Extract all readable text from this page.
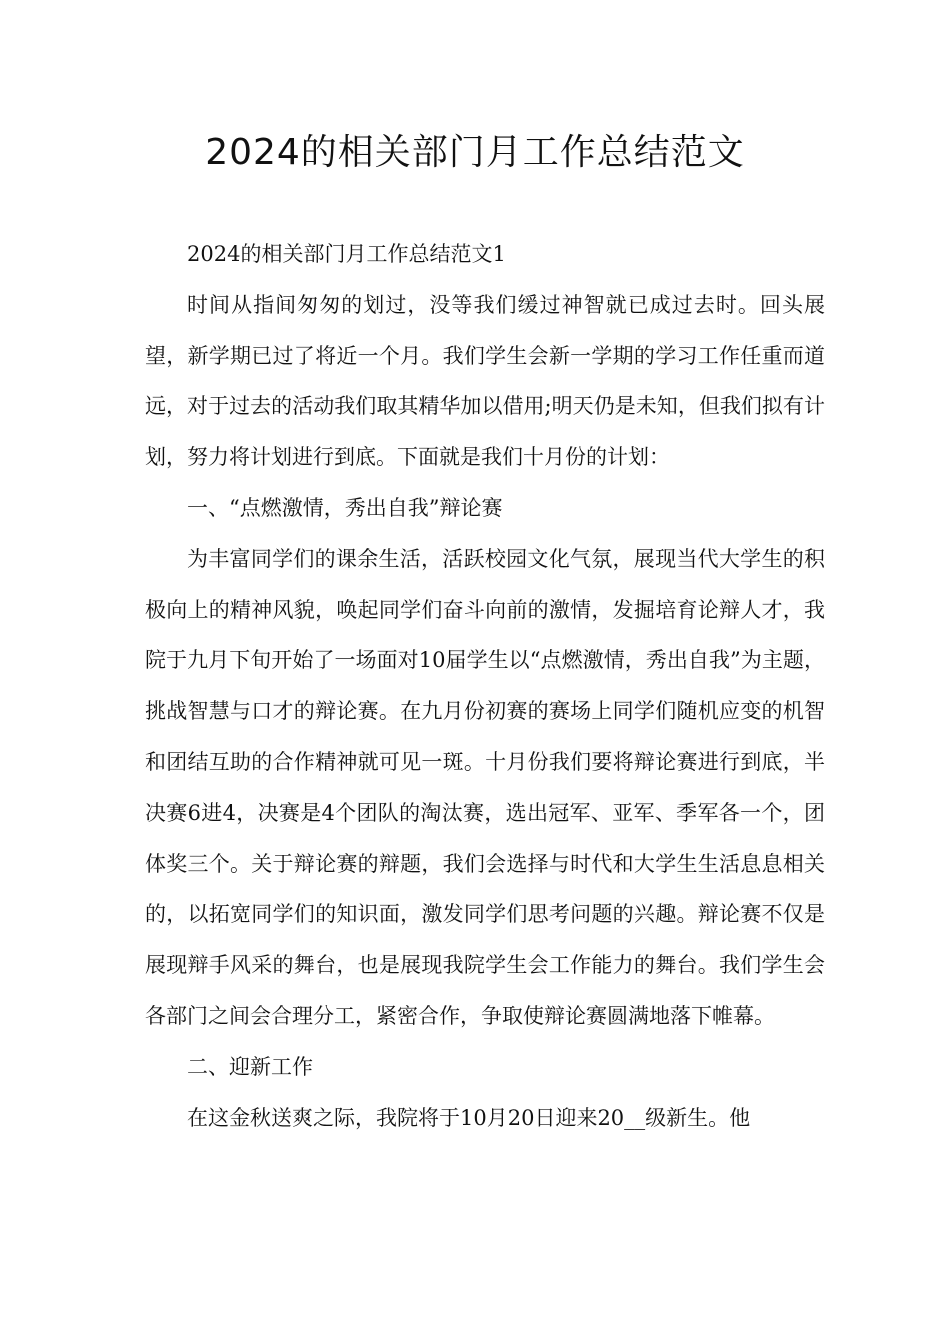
2024的相关部门月工作总结范文

2024的相关部门月工作总结范文1

时间从指间匆匆的划过，没等我们缓过神智就已成过去时。回头展望，新学期已过了将近一个月。我们学生会新一学期的学习工作任重而道远，对于过去的活动我们取其精华加以借用;明天仍是未知，但我们拟有计划，努力将计划进行到底。下面就是我们十月份的计划：

一、“点燃激情，秀出自我”辩论赛

为丰富同学们的课余生活，活跃校园文化气氛，展现当代大学生的积极向上的精神风貌，唤起同学们奋斗向前的激情，发掘培育论辩人才，我院于九月下旬开始了一场面对10届学生以“点燃激情，秀出自我”为主题，挑战智慧与口才的辩论赛。在九月份初赛的赛场上同学们随机应变的机智和团结互助的合作精神就可见一斑。十月份我们要将辩论赛进行到底，半决赛6进4，决赛是4个团队的淘汰赛，选出冠军、亚军、季军各一个，团体奖三个。关于辩论赛的辩题，我们会选择与时代和大学生生活息息相关的，以拓宽同学们的知识面，激发同学们思考问题的兴趣。辩论赛不仅是展现辩手风采的舞台，也是展现我院学生会工作能力的舞台。我们学生会各部门之间会合理分工，紧密合作，争取使辩论赛圆满地落下帷幕。

二、迎新工作

在这金秋送爽之际，我院将于10月20日迎来20__级新生。他
